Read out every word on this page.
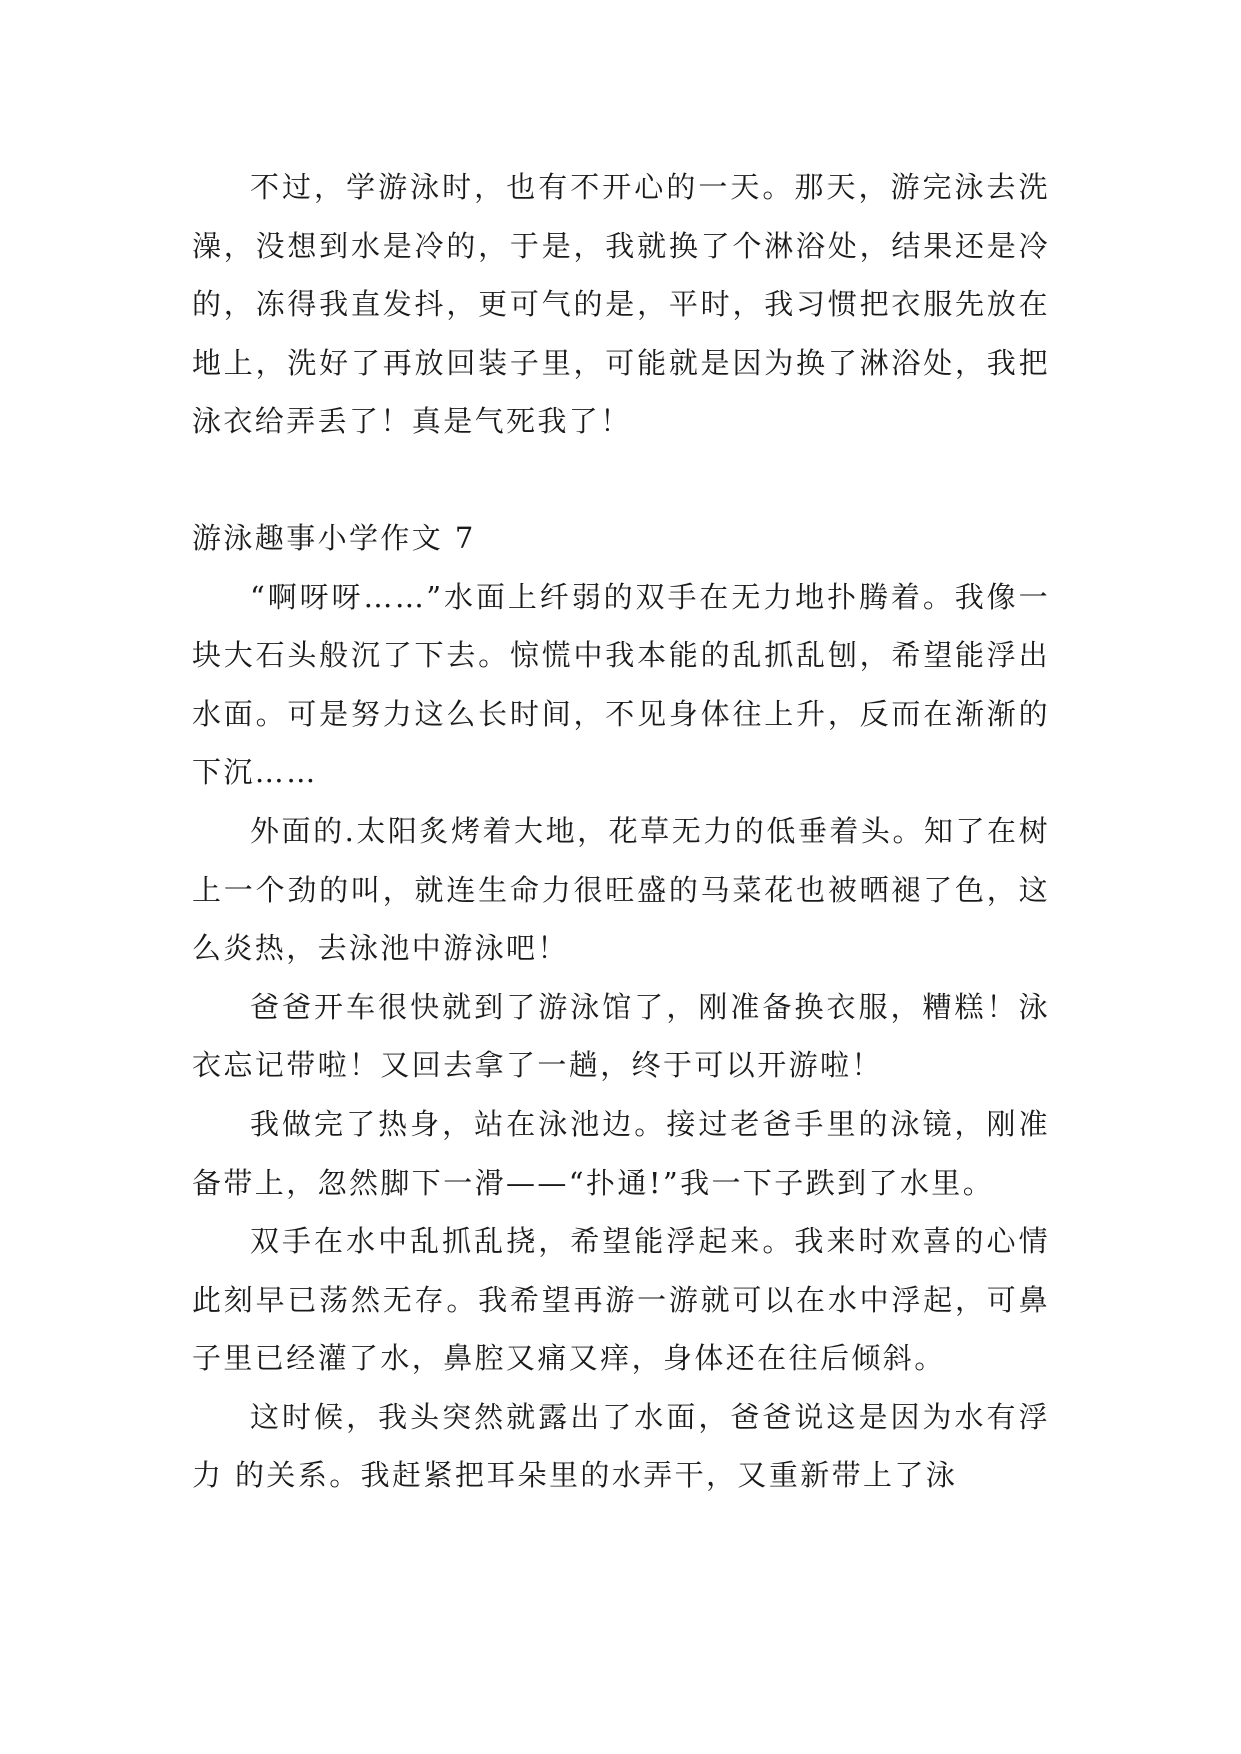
不过，学游泳时，也有不开心的一天。那天，游完泳去洗澡，没想到水是冷的，于是，我就换了个淋浴处，结果还是冷的，冻得我直发抖，更可气的是，平时，我习惯把衣服先放在地上，洗好了再放回装子里，可能就是因为换了淋浴处，我把泳衣给弄丢了！真是气死我了！

游泳趣事小学作文 7

“啊呀呀……”水面上纤弱的双手在无力地扑腾着。我像一块大石头般沉了下去。惊慌中我本能的乱抓乱刨，希望能浮出水面。可是努力这么长时间，不见身体往上升，反而在渐渐的下沉……

外面的.太阳炙烤着大地，花草无力的低垂着头。知了在树上一个劲的叫，就连生命力很旺盛的马菜花也被晒褪了色，这么炎热，去泳池中游泳吧！

爸爸开车很快就到了游泳馆了，刚准备换衣服，糟糕！泳衣忘记带啦！又回去拿了一趟，终于可以开游啦！

我做完了热身，站在泳池边。接过老爸手里的泳镜，刚准备带上，忽然脚下一滑——“扑通!”我一下子跌到了水里。

双手在水中乱抓乱挠，希望能浮起来。我来时欢喜的心情此刻早已荡然无存。我希望再游一游就可以在水中浮起，可鼻子里已经灌了水，鼻腔又痛又痒，身体还在往后倾斜。

这时候，我头突然就露出了水面，爸爸说这是因为水有浮力 的关系。我赶紧把耳朵里的水弄干，又重新带上了泳
